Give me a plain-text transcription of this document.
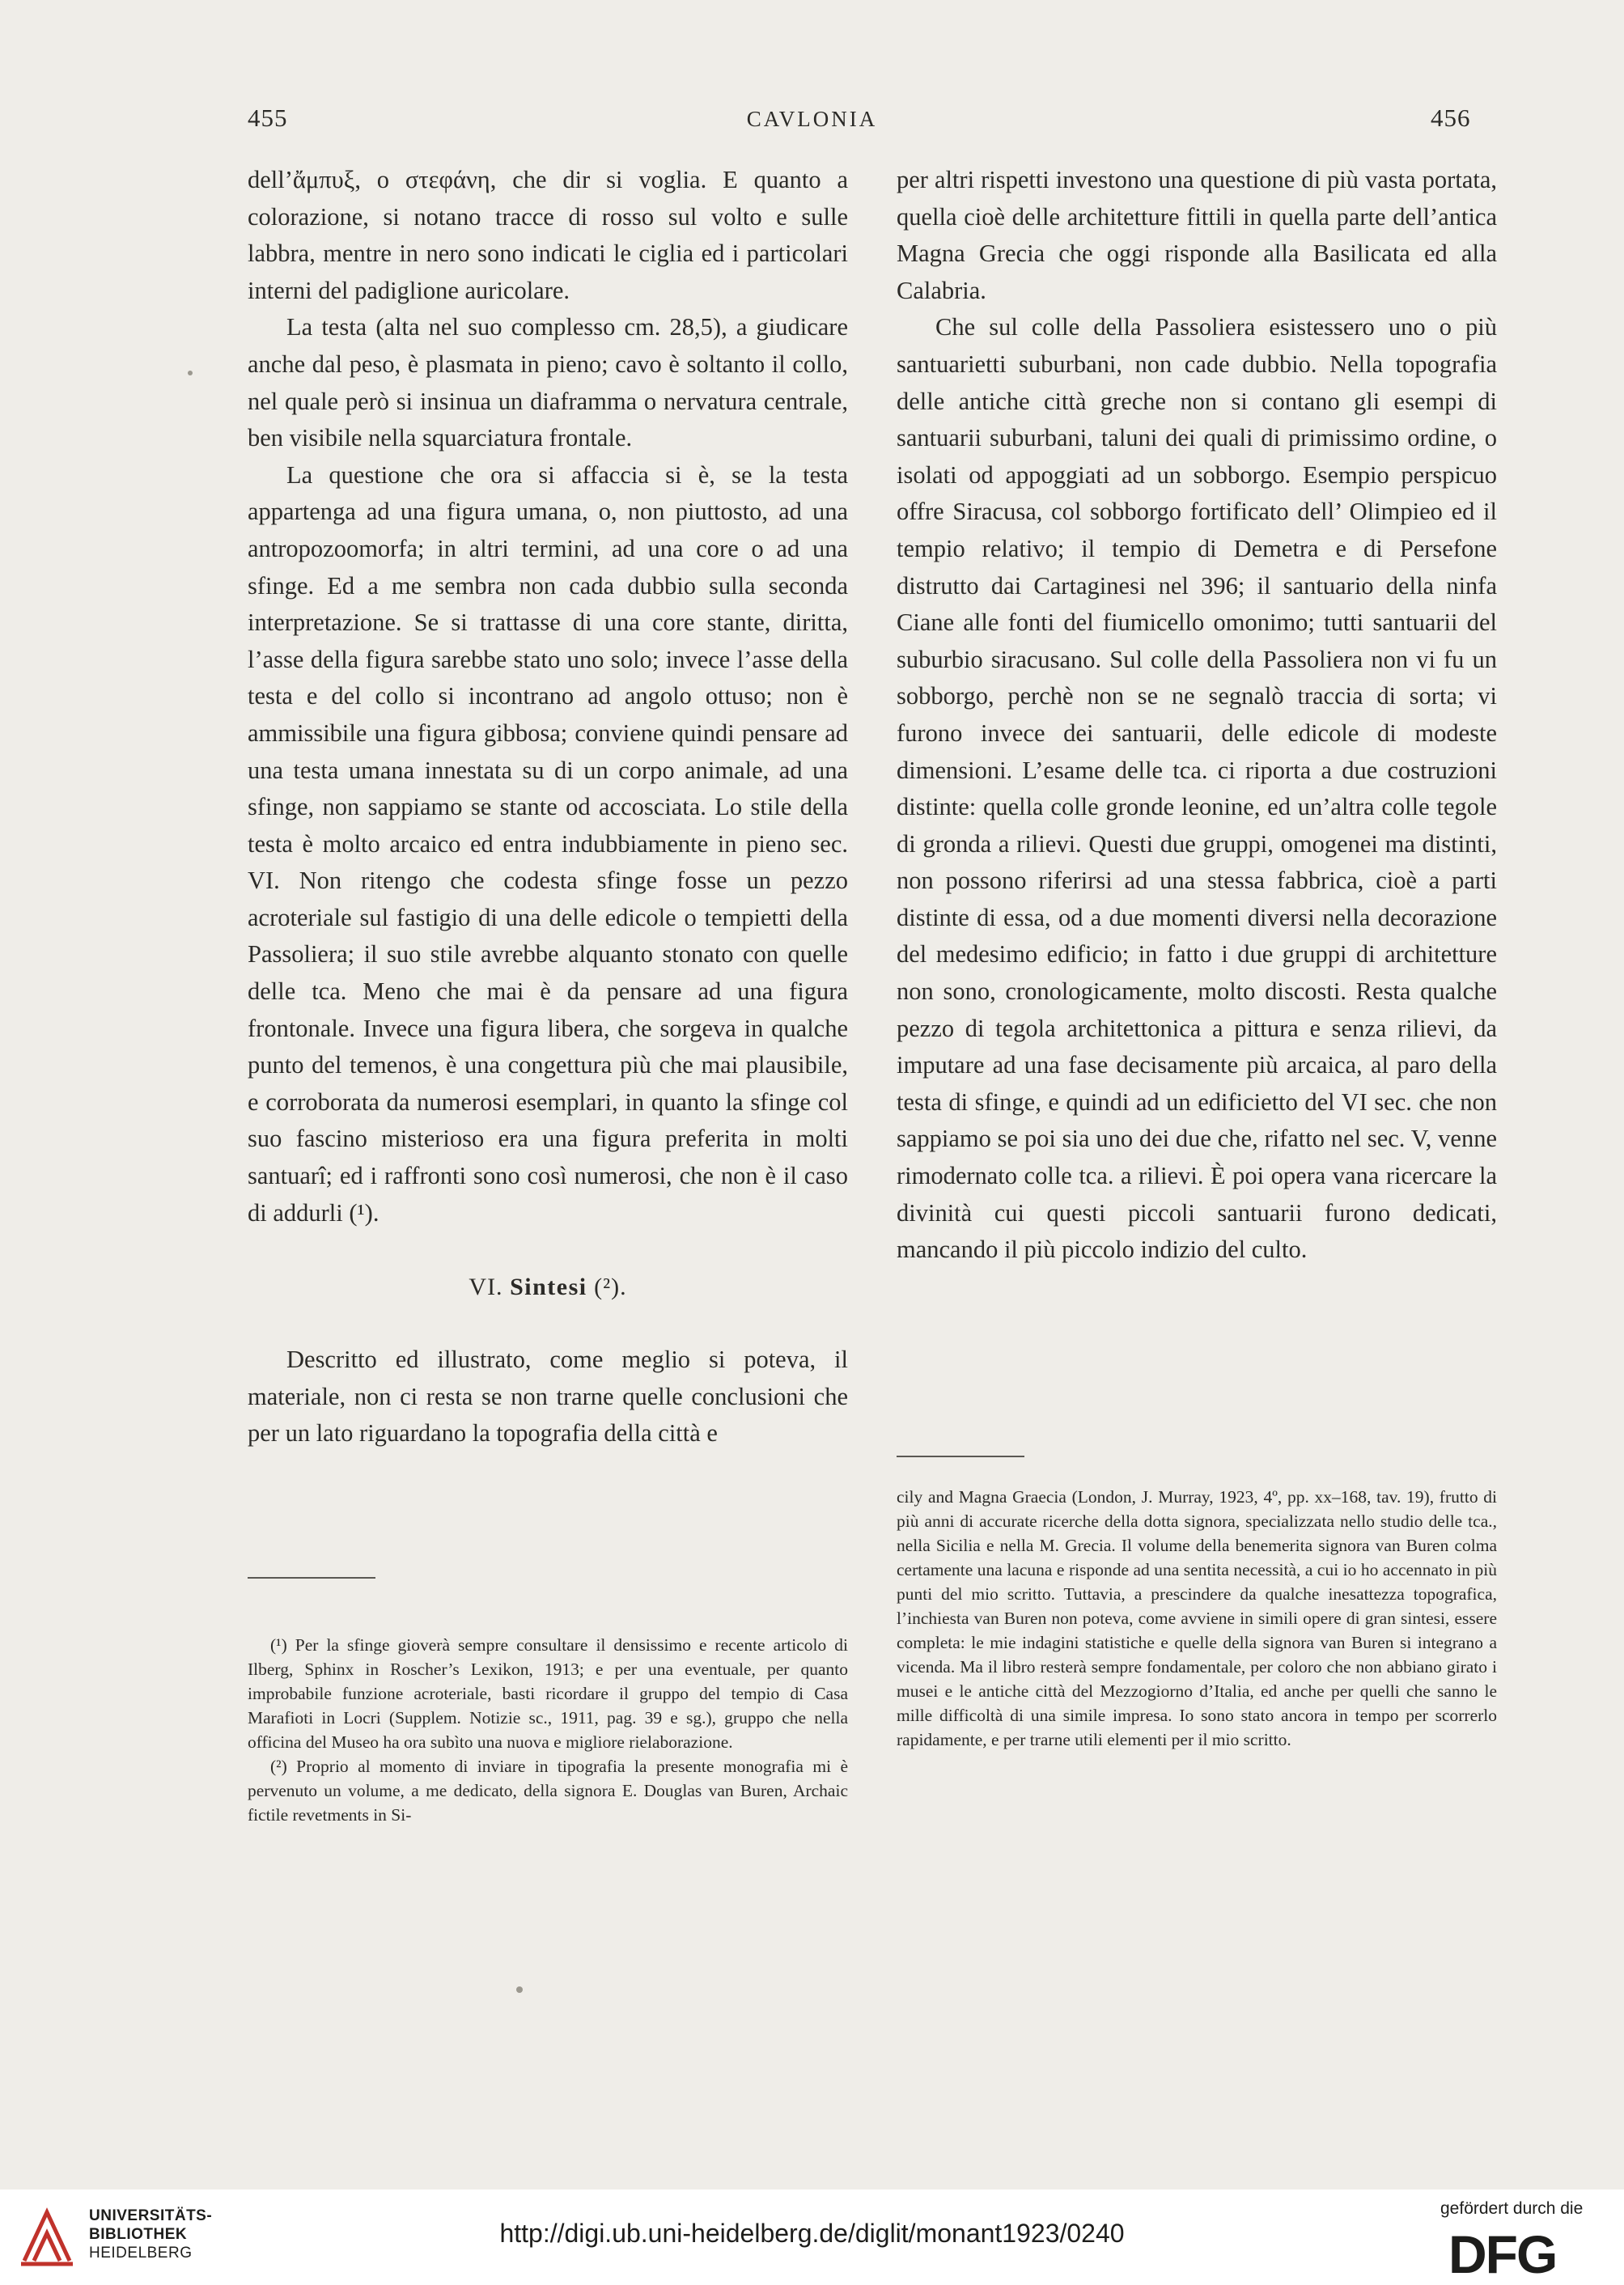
455	CAVLONIA	456

dell’ἄμπυξ, o στεφάνη, che dir si voglia. E quanto a colorazione, si notano tracce di rosso sul volto e sulle labbra, mentre in nero sono indicati le ciglia ed i particolari interni del padiglione auricolare.

La testa (alta nel suo complesso cm. 28,5), a giudicare anche dal peso, è plasmata in pieno; cavo è soltanto il collo, nel quale però si insinua un diaframma o nervatura centrale, ben visibile nella squarciatura frontale.

La questione che ora si affaccia si è, se la testa appartenga ad una figura umana, o, non piuttosto, ad una antropozoomorfa; in altri termini, ad una core o ad una sfinge. Ed a me sembra non cada dubbio sulla seconda interpretazione. Se si trattasse di una core stante, diritta, l’asse della figura sarebbe stato uno solo; invece l’asse della testa e del collo si incontrano ad angolo ottuso; non è ammissibile una figura gibbosa; conviene quindi pensare ad una testa umana innestata su di un corpo animale, ad una sfinge, non sappiamo se stante od accosciata. Lo stile della testa è molto arcaico ed entra indubbiamente in pieno sec. VI. Non ritengo che codesta sfinge fosse un pezzo acroteriale sul fastigio di una delle edicole o tempietti della Passoliera; il suo stile avrebbe alquanto stonato con quelle delle tca. Meno che mai è da pensare ad una figura frontonale. Invece una figura libera, che sorgeva in qualche punto del temenos, è una congettura più che mai plausibile, e corroborata da numerosi esemplari, in quanto la sfinge col suo fascino misterioso era una figura preferita in molti santuarî; ed i raffronti sono così numerosi, che non è il caso di addurli (¹).

VI. Sintesi (²).

Descritto ed illustrato, come meglio si poteva, il materiale, non ci resta se non trarne quelle conclusioni che per un lato riguardano la topografia della città e

per altri rispetti investono una questione di più vasta portata, quella cioè delle architetture fittili in quella parte dell’antica Magna Grecia che oggi risponde alla Basilicata ed alla Calabria.

Che sul colle della Passoliera esistessero uno o più santuarietti suburbani, non cade dubbio. Nella topografia delle antiche città greche non si contano gli esempi di santuarii suburbani, taluni dei quali di primissimo ordine, o isolati od appoggiati ad un sobborgo. Esempio perspicuo offre Siracusa, col sobborgo fortificato dell’ Olimpieo ed il tempio relativo; il tempio di Demetra e di Persefone distrutto dai Cartaginesi nel 396; il santuario della ninfa Ciane alle fonti del fiumicello omonimo; tutti santuarii del suburbio siracusano. Sul colle della Passoliera non vi fu un sobborgo, perchè non se ne segnalò traccia di sorta; vi furono invece dei santuarii, delle edicole di modeste dimensioni. L’esame delle tca. ci riporta a due costruzioni distinte: quella colle gronde leonine, ed un’altra colle tegole di gronda a rilievi. Questi due gruppi, omogenei ma distinti, non possono riferirsi ad una stessa fabbrica, cioè a parti distinte di essa, od a due momenti diversi nella decorazione del medesimo edificio; in fatto i due gruppi di architetture non sono, cronologicamente, molto discosti. Resta qualche pezzo di tegola architettonica a pittura e senza rilievi, da imputare ad una fase decisamente più arcaica, al paro della testa di sfinge, e quindi ad un edificietto del VI sec. che non sappiamo se poi sia uno dei due che, rifatto nel sec. V, venne rimodernato colle tca. a rilievi. È poi opera vana ricercare la divinità cui questi piccoli santuarii furono dedicati, mancando il più piccolo indizio del culto.

(¹) Per la sfinge gioverà sempre consultare il densissimo e recente articolo di Ilberg, Sphinx in Roscher’s Lexikon, 1913; e per una eventuale, per quanto improbabile funzione acroteriale, basti ricordare il gruppo del tempio di Casa Marafioti in Locri (Supplem. Notizie sc., 1911, pag. 39 e sg.), gruppo che nella officina del Museo ha ora subìto una nuova e migliore rielaborazione.

(²) Proprio al momento di inviare in tipografia la presente monografia mi è pervenuto un volume, a me dedicato, della signora E. Douglas van Buren, Archaic fictile revetments in Si-

cily and Magna Graecia (London, J. Murray, 1923, 4º, pp. xx–168, tav. 19), frutto di più anni di accurate ricerche della dotta signora, specializzata nello studio delle tca., nella Sicilia e nella M. Grecia. Il volume della benemerita signora van Buren colma certamente una lacuna e risponde ad una sentita necessità, a cui io ho accennato in più punti del mio scritto. Tuttavia, a prescindere da qualche inesattezza topografica, l’inchiesta van Buren non poteva, come avviene in simili opere di gran sintesi, essere completa: le mie indagini statistiche e quelle della signora van Buren si integrano a vicenda. Ma il libro resterà sempre fondamentale, per coloro che non abbiano girato i musei e le antiche città del Mezzogiorno d’Italia, ed anche per quelli che sanno le mille difficoltà di una simile impresa. Io sono stato ancora in tempo per scorrerlo rapidamente, e per trarne utili elementi per il mio scritto.

UNIVERSITÄTS-
BIBLIOTHEK
HEIDELBERG
http://digi.ub.uni-heidelberg.de/diglit/monant1923/0240
gefördert durch die
DFG
